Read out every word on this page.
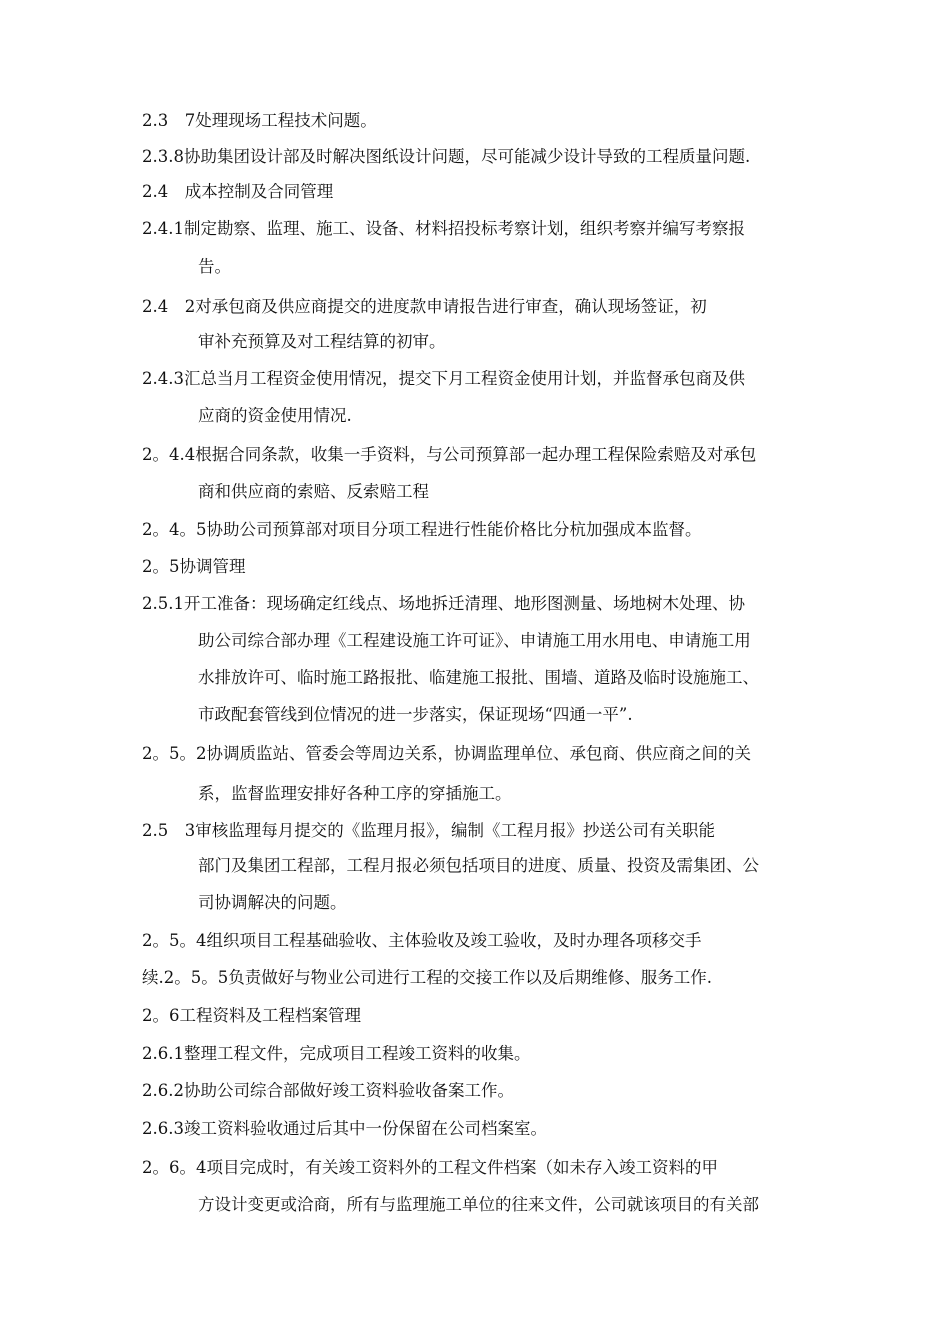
2.3　7处理现场工程技术问题。
2.3.8协助集团设计部及时解决图纸设计问题，尽可能减少设计导致的工程质量问题.
2.4　成本控制及合同管理
2.4.1制定勘察、监理、施工、设备、材料招投标考察计划，组织考察并编写考察报
告。
2.4　2对承包商及供应商提交的进度款申请报告进行审查，确认现场签证，初
审补充预算及对工程结算的初审。
2.4.3汇总当月工程资金使用情况，提交下月工程资金使用计划，并监督承包商及供
应商的资金使用情况.
2。4.4根据合同条款，收集一手资料，与公司预算部一起办理工程保险索赔及对承包
商和供应商的索赔、反索赔工程
2。4。5协助公司预算部对项目分项工程进行性能价格比分杭加强成本监督。
2。5协调管理
2.5.1开工准备：现场确定红线点、场地拆迁清理、地形图测量、场地树木处理、协
助公司综合部办理《工程建设施工许可证》、申请施工用水用电、申请施工用
水排放许可、临时施工路报批、临建施工报批、围墙、道路及临时设施施工、
市政配套管线到位情况的进一步落实，保证现场“四通一平”.
2。5。2协调质监站、管委会等周边关系，协调监理单位、承包商、供应商之间的关
系，监督监理安排好各种工序的穿插施工。
2.5　3审核监理每月提交的《监理月报》，编制《工程月报》抄送公司有关职能
部门及集团工程部，工程月报必须包括项目的进度、质量、投资及需集团、公
司协调解决的问题。
2。5。4组织项目工程基础验收、主体验收及竣工验收，及时办理各项移交手
续.2。5。5负责做好与物业公司进行工程的交接工作以及后期维修、服务工作.
2。6工程资料及工程档案管理
2.6.1整理工程文件，完成项目工程竣工资料的收集。
2.6.2协助公司综合部做好竣工资料验收备案工作。
2.6.3竣工资料验收通过后其中一份保留在公司档案室。
2。6。4项目完成时，有关竣工资料外的工程文件档案（如未存入竣工资料的甲
方设计变更或洽商，所有与监理施工单位的往来文件，公司就该项目的有关部
